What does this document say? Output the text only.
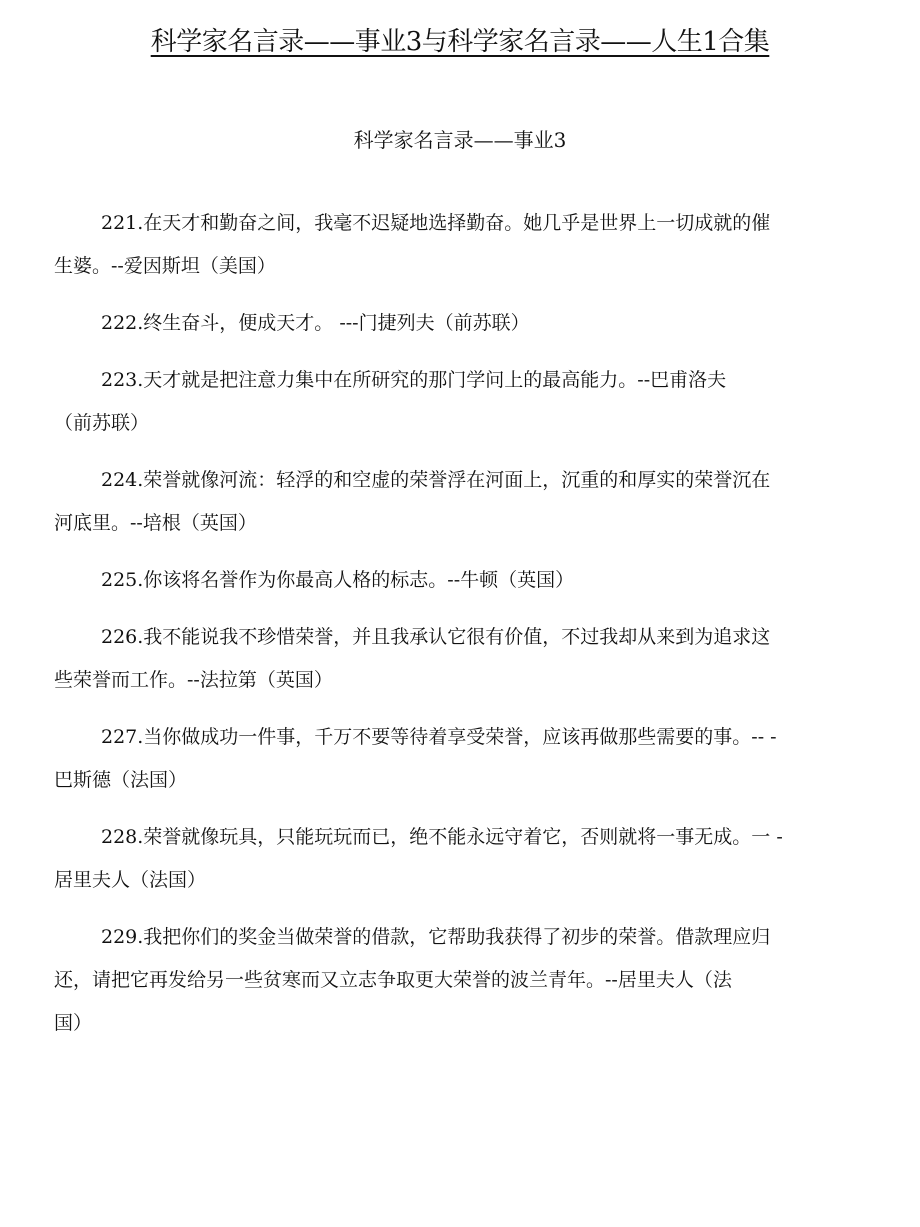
科学家名言录——事业3与科学家名言录——人生1合集
科学家名言录——事业3
221.在天才和勤奋之间，我毫不迟疑地选择勤奋。她几乎是世界上一切成就的催
生婆。--爱因斯坦（美国）
222.终生奋斗，便成天才。 ---门捷列夫（前苏联）
223.天才就是把注意力集中在所研究的那门学问上的最高能力。--巴甫洛夫
（前苏联）
224.荣誉就像河流：轻浮的和空虚的荣誉浮在河面上，沉重的和厚实的荣誉沉在
河底里。--培根（英国）
225.你该将名誉作为你最高人格的标志。--牛顿（英国）
226.我不能说我不珍惜荣誉，并且我承认它很有价值，不过我却从来到为追求这
些荣誉而工作。--法拉第（英国）
227.当你做成功一件事，千万不要等待着享受荣誉，应该再做那些需要的事。-- -
巴斯德（法国）
228.荣誉就像玩具，只能玩玩而已，绝不能永远守着它，否则就将一事无成。一 -
居里夫人（法国）
229.我把你们的奖金当做荣誉的借款，它帮助我获得了初步的荣誉。借款理应归
还，请把它再发给另一些贫寒而又立志争取更大荣誉的波兰青年。--居里夫人（法
国）
